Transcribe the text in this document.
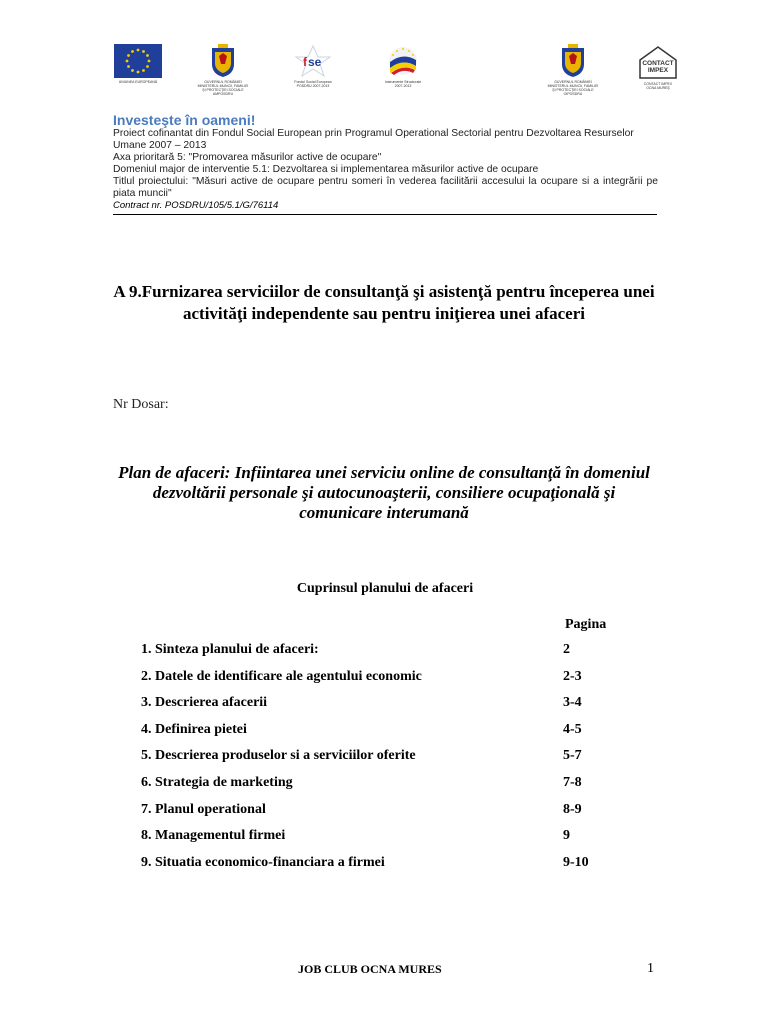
UNIUNEA EUROPEANĂ	GUVERNUL ROMÂNIEI
MINISTERUL MUNCII, FAMILIEI
ŞI PROTECŢIEI SOCIALE
AMPOSDRU
f se
Fondul Social European
POSDRU 2007-2013
Instrumente Structurale
2007-2013
GUVERNUL ROMÂNIEI
MINISTERUL MUNCII, FAMILIEI
ŞI PROTECŢIEI SOCIALE
OIPOSDRU
CONTACT
IMPEX
CONTACT IMPEX
OCNA MUREŞ
Investeşte în oameni!
Proiect cofinantat din Fondul Social European prin Programul Operational Sectorial pentru Dezvoltarea Resurselor Umane 2007 – 2013
Axa prioritară 5: "Promovarea măsurilor active de ocupare"
Domeniul major de interventie 5.1: Dezvoltarea si implementarea măsurilor active de ocupare
Titlul proiectului: "Măsuri active de ocupare pentru someri în vederea facilitării accesului la ocupare si a integrării pe piata muncii"
Contract nr. POSDRU/105/5.1/G/76114
A 9.Furnizarea serviciilor de consultanţă şi asistenţă pentru începerea unei activităţi independente sau pentru iniţierea unei afaceri
Nr Dosar:
Plan de afaceri: Infiintarea unei serviciu online de consultanţă în domeniul dezvoltării personale şi autocunoaşterii, consiliere ocupaţională şi comunicare interumană
Cuprinsul planului de afaceri
Pagina
1. Sinteza planului de afaceri:	2
2. Datele de identificare ale agentului economic	2-3
3. Descrierea afacerii	3-4
4. Definirea pietei	4-5
5. Descrierea produselor si a serviciilor oferite	5-7
6. Strategia de marketing	7-8
7. Planul operational	8-9
8. Managementul firmei	9
9. Situatia economico-financiara a firmei	9-10
JOB CLUB OCNA MURES	1
